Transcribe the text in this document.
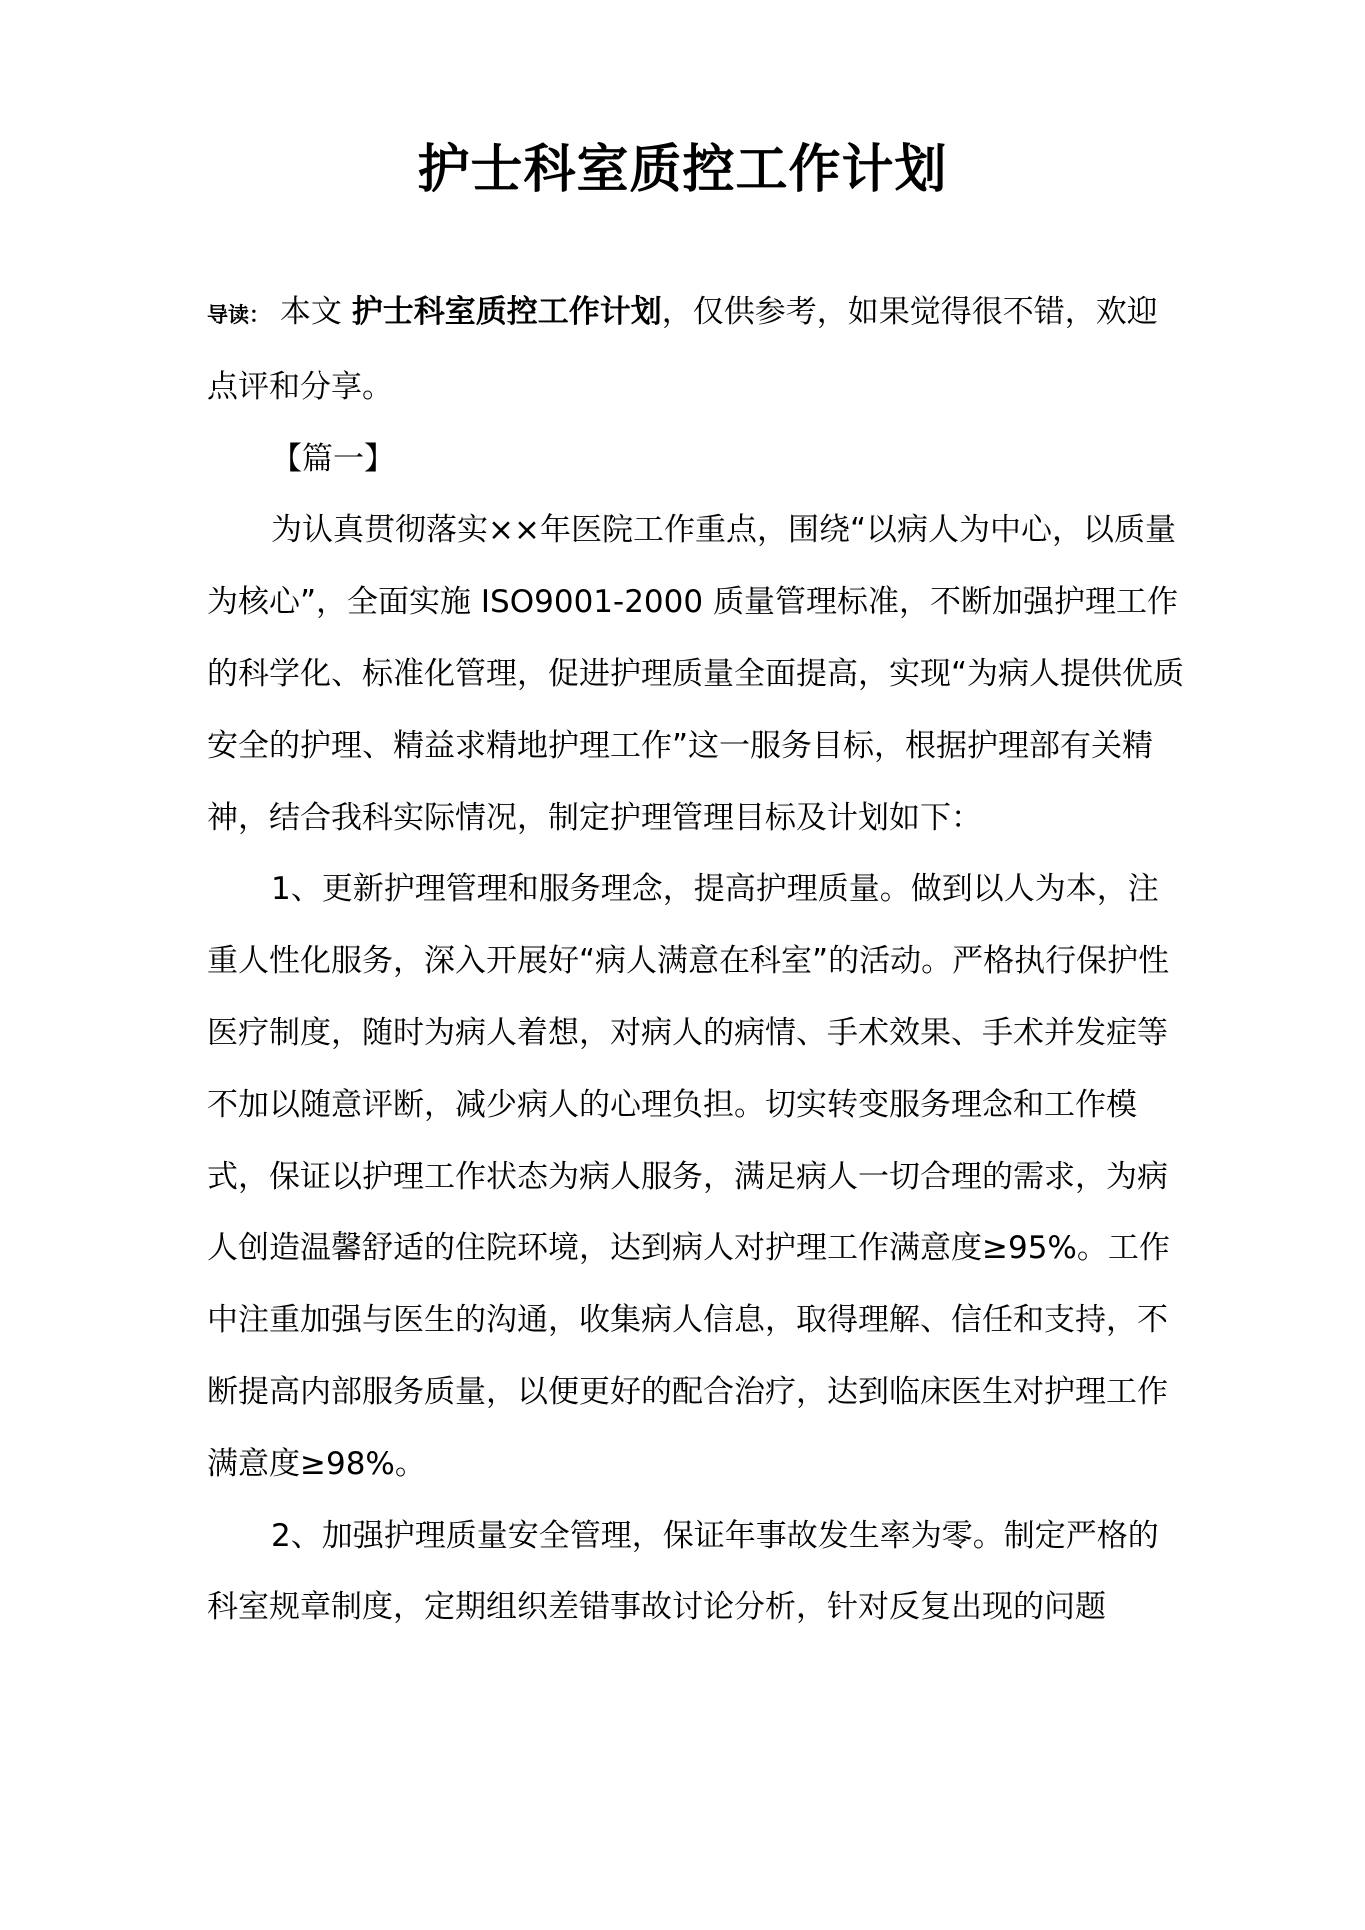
护士科室质控工作计划

导读： 本文 护士科室质控工作计划，仅供参考，如果觉得很不错，欢迎点评和分享。

【篇一】

为认真贯彻落实××年医院工作重点，围绕“以病人为中心，以质量为核心”，全面实施 ISO9001-2000 质量管理标准，不断加强护理工作的科学化、标准化管理，促进护理质量全面提高，实现“为病人提供优质安全的护理、精益求精地护理工作”这一服务目标，根据护理部有关精神，结合我科实际情况，制定护理管理目标及计划如下：

1、更新护理管理和服务理念，提高护理质量。做到以人为本，注重人性化服务，深入开展好“病人满意在科室”的活动。严格执行保护性医疗制度，随时为病人着想，对病人的病情、手术效果、手术并发症等不加以随意评断，减少病人的心理负担。切实转变服务理念和工作模式，保证以护理工作状态为病人服务，满足病人一切合理的需求，为病人创造温馨舒适的住院环境，达到病人对护理工作满意度≥95%。工作中注重加强与医生的沟通，收集病人信息，取得理解、信任和支持，不断提高内部服务质量，以便更好的配合治疗，达到临床医生对护理工作满意度≥98%。

2、加强护理质量安全管理，保证年事故发生率为零。制定严格的科室规章制度，定期组织差错事故讨论分析，针对反复出现的问题
